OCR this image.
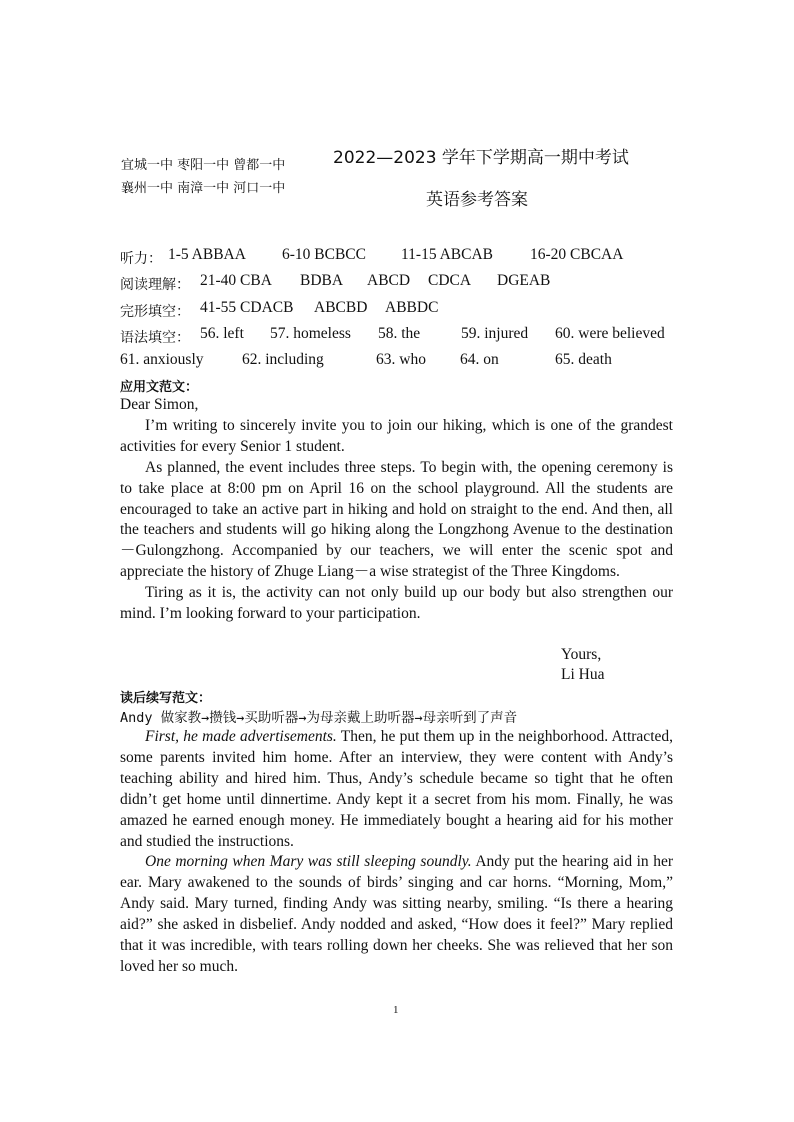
宜城一中 枣阳一中 曾都一中
襄州一中 南漳一中 河口一中
2022—2023 学年下学期高一期中考试
英语参考答案
听力： 1-5 ABBAA 6-10 BCBCC 11-15 ABCAB 16-20 CBCAA
阅读理解： 21-40 CBA BDBA ABCD CDCA DGEAB
完形填空： 41-55 CDACB ABCBD ABBDC
语法填空： 56. left 57. homeless 58. the	59. injured 60. were believed
61. anxiously 62. including	63. who 64. on	65. death
应用文范文：

Dear Simon,

I’m writing to sincerely invite you to join our hiking, which is one of the grandest activities for every Senior 1 student.

As planned, the event includes three steps. To begin with, the opening ceremony is to take place at 8:00 pm on April 16 on the school playground. All the students are encouraged to take an active part in hiking and hold on straight to the end. And then, all the teachers and students will go hiking along the Longzhong Avenue to the destination－Gulongzhong. Accompanied by our teachers, we will enter the scenic spot and appreciate the history of Zhuge Liang－a wise strategist of the Three Kingdoms.

Tiring as it is, the activity can not only build up our body but also strengthen our mind. I’m looking forward to your participation.

Yours,
Li Hua
读后续写范文：
Andy 做家教→攒钱→买助听器→为母亲戴上助听器→母亲听到了声音

First, he made advertisements. Then, he put them up in the neighborhood. Attracted, some parents invited him home. After an interview, they were content with Andy’s teaching ability and hired him. Thus, Andy’s schedule became so tight that he often didn’t get home until dinnertime. Andy kept it a secret from his mom. Finally, he was amazed he earned enough money. He immediately bought a hearing aid for his mother and studied the instructions.

One morning when Mary was still sleeping soundly. Andy put the hearing aid in her ear. Mary awakened to the sounds of birds’ singing and car horns. “Morning, Mom,” Andy said. Mary turned, finding Andy was sitting nearby, smiling. “Is there a hearing aid?” she asked in disbelief. Andy nodded and asked, “How does it feel?” Mary replied that it was incredible, with tears rolling down her cheeks. She was relieved that her son loved her so much.

1
